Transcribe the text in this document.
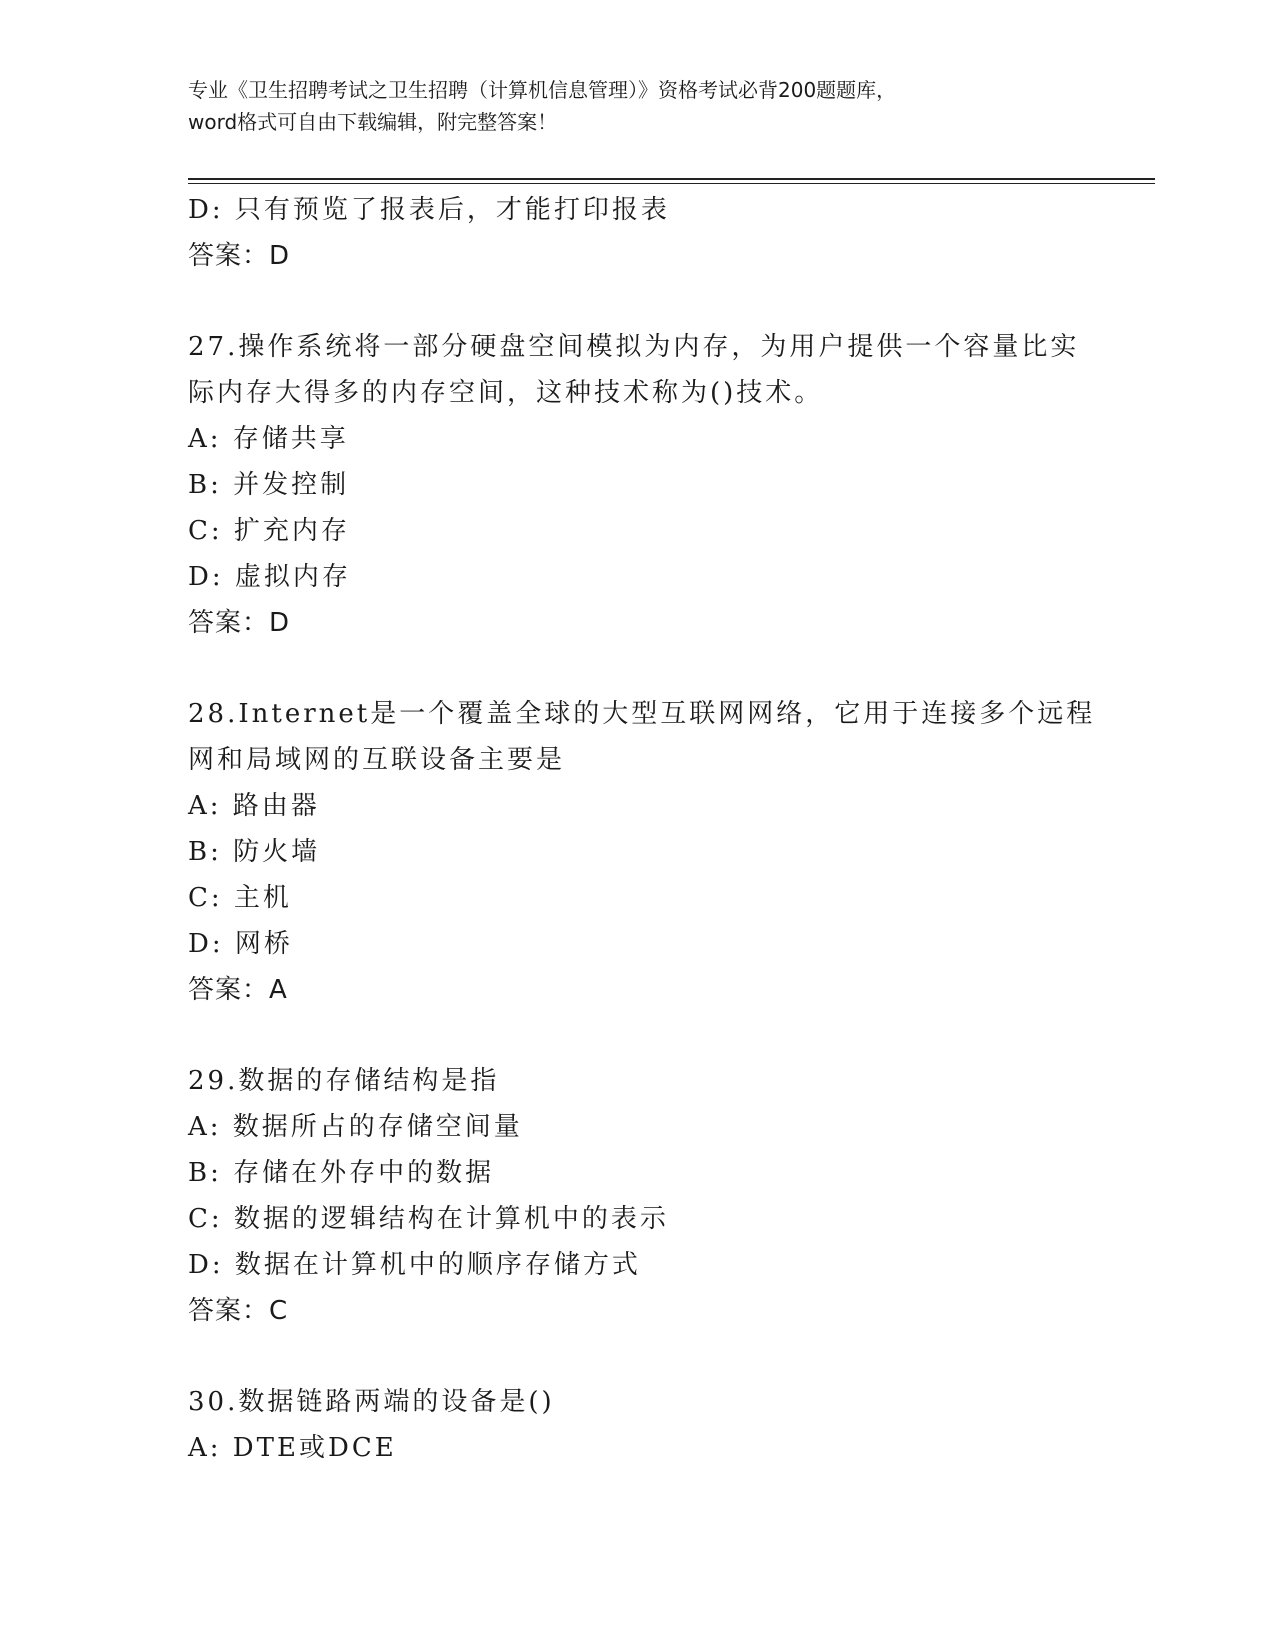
专业《卫生招聘考试之卫生招聘（计算机信息管理）》资格考试必背200题题库，
word格式可自由下载编辑，附完整答案！
D: 只有预览了报表后，才能打印报表
答案：D
27.操作系统将一部分硬盘空间模拟为内存，为用户提供一个容量比实
际内存大得多的内存空间，这种技术称为()技术。
A: 存储共享
B: 并发控制
C: 扩充内存
D: 虚拟内存
答案：D
28.Internet是一个覆盖全球的大型互联网网络，它用于连接多个远程
网和局域网的互联设备主要是
A: 路由器
B: 防火墙
C: 主机
D: 网桥
答案：A
29.数据的存储结构是指
A: 数据所占的存储空间量
B: 存储在外存中的数据
C: 数据的逻辑结构在计算机中的表示
D: 数据在计算机中的顺序存储方式
答案：C
30.数据链路两端的设备是()
A: DTE或DCE
